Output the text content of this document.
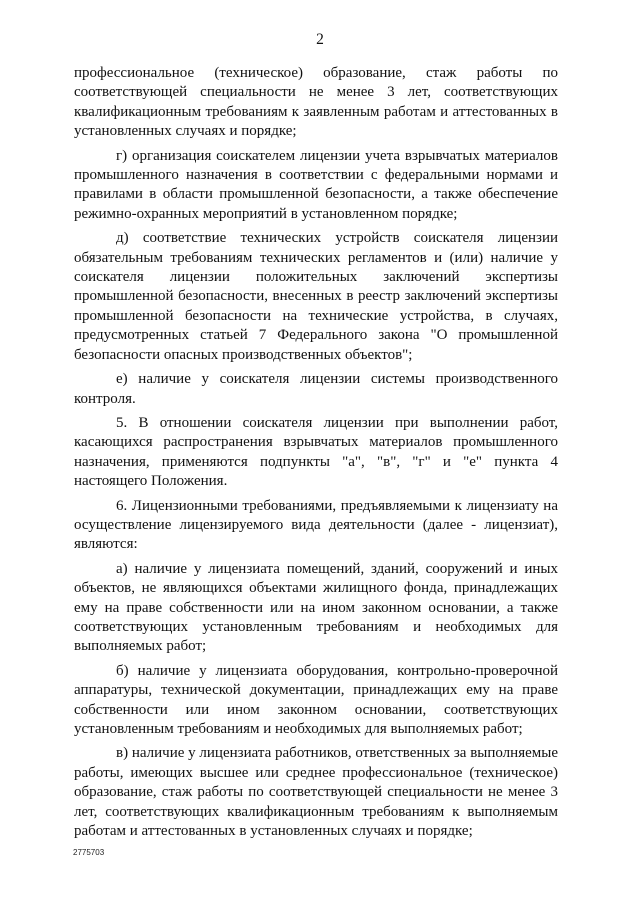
2

профессиональное (техническое) образование, стаж работы по соответствующей специальности не менее 3 лет, соответствующих квалификационным требованиям к заявленным работам и аттестованных в установленных случаях и порядке;

г) организация соискателем лицензии учета взрывчатых материалов промышленного назначения в соответствии с федеральными нормами и правилами в области промышленной безопасности, а также обеспечение режимно-охранных мероприятий в установленном порядке;

д) соответствие технических устройств соискателя лицензии обязательным требованиям технических регламентов и (или) наличие у соискателя лицензии положительных заключений экспертизы промышленной безопасности, внесенных в реестр заключений экспертизы промышленной безопасности на технические устройства, в случаях, предусмотренных статьей 7 Федерального закона "О промышленной безопасности опасных производственных объектов";

е) наличие у соискателя лицензии системы производственного контроля.

5. В отношении соискателя лицензии при выполнении работ, касающихся распространения взрывчатых материалов промышленного назначения, применяются подпункты "а", "в", "г" и "е" пункта 4 настоящего Положения.

6. Лицензионными требованиями, предъявляемыми к лицензиату на осуществление лицензируемого вида деятельности (далее - лицензиат), являются:

а) наличие у лицензиата помещений, зданий, сооружений и иных объектов, не являющихся объектами жилищного фонда, принадлежащих ему на праве собственности или на ином законном основании, а также соответствующих установленным требованиям и необходимых для выполняемых работ;

б) наличие у лицензиата оборудования, контрольно-проверочной аппаратуры, технической документации, принадлежащих ему на праве собственности или ином законном основании, соответствующих установленным требованиям и необходимых для выполняемых работ;

в) наличие у лицензиата работников, ответственных за выполняемые работы, имеющих высшее или среднее профессиональное (техническое) образование, стаж работы по соответствующей специальности не менее 3 лет, соответствующих квалификационным требованиям к выполняемым работам и аттестованных в установленных случаях и порядке;

2775703
